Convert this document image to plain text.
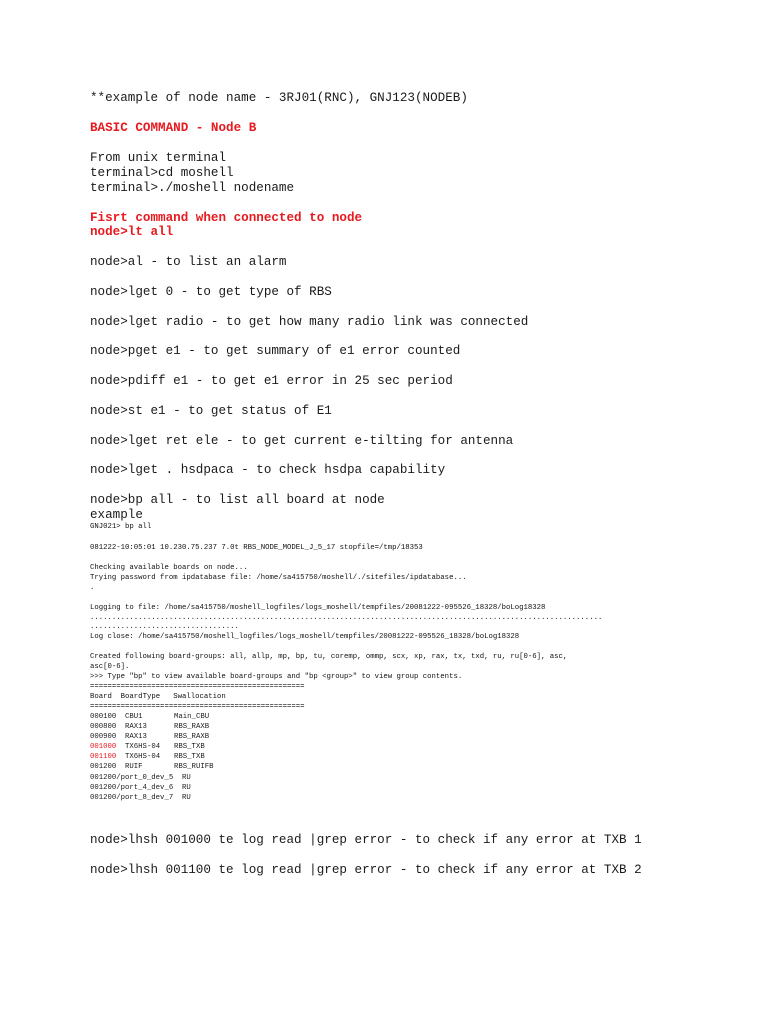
**example of node name - 3RJ01(RNC), GNJ123(NODEB)

BASIC COMMAND - Node B

From unix terminal

terminal>cd moshell

terminal>./moshell nodename

Fisrt command when connected to node

node>lt all

node>al - to list an alarm

node>lget 0 - to get type of RBS

node>lget radio - to get how many radio link was connected

node>pget e1 - to get summary of e1 error counted

node>pdiff e1 - to get e1 error in 25 sec period

node>st e1 - to get status of E1

node>lget ret ele - to get current e-tilting for antenna

node>lget . hsdpaca - to check hsdpa capability

node>bp all - to list all board at node

example

GNJ021> bp all

081222-10:05:01 10.230.75.237 7.0t RBS_NODE_MODEL_J_5_17 stopfile=/tmp/18353

Checking available boards on node...

Trying password from ipdatabase file: /home/sa415750/moshell/./sitefiles/ipdatabase...

.

Logging to file: /home/sa415750/moshell_logfiles/logs_moshell/tempfiles/20081222-095526_18328/boLog18328

.....................................................................................................................

..................................

Log close: /home/sa415750/moshell_logfiles/logs_moshell/tempfiles/20081222-095526_18328/boLog18328

Created following board-groups: all, allp, mp, bp, tu, coremp, ommp, scx, xp, rax, tx, txd, ru, ru[0-6], asc,

asc[0-6].

>>> Type "bp" to view available board-groups and "bp <group>" to view group contents.

=================================================

Board BoardType Swallocation

=================================================

000100 CBU1	Main_CBU
000800 RAX13	RBS_RAXB
000900 RAX13	RBS_RAXB
001000 TX6HS-04 RBS_TXB
001100 TX6HS-04 RBS_TXB
001200 RUIF	RBS_RUIFB
001200/port_0_dev_5 RU
001200/port_4_dev_6 RU
001200/port_8_dev_7 RU

node>lhsh 001000 te log read |grep error - to check if any error at TXB 1

node>lhsh 001100 te log read |grep error - to check if any error at TXB 2
